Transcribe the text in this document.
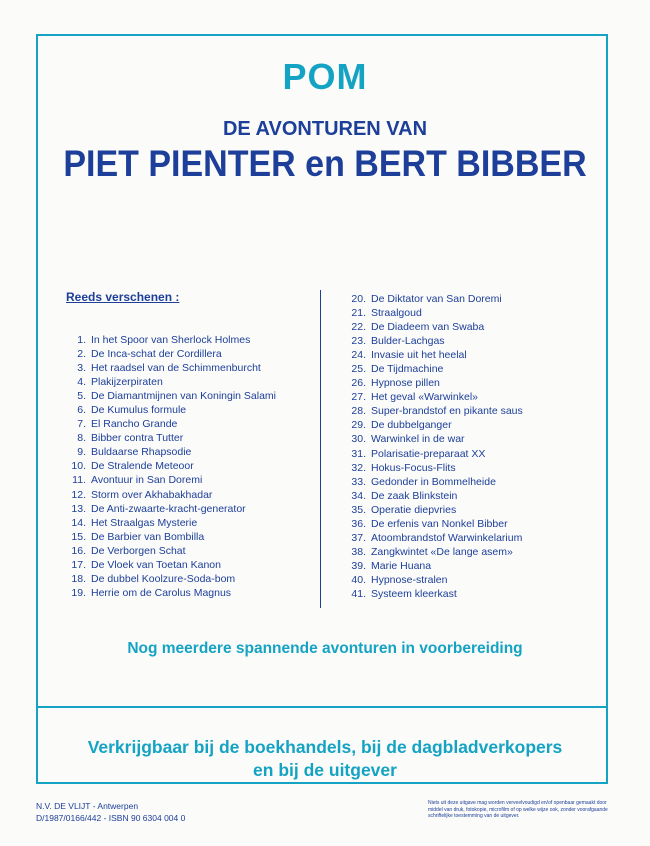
POM
DE AVONTUREN VAN
PIET PIENTER en BERT BIBBER
Reeds verschenen :
1. In het Spoor van Sherlock Holmes
2. De Inca-schat der Cordillera
3. Het raadsel van de Schimmenburcht
4. Plakijzerpiraten
5. De Diamantmijnen van Koningin Salami
6. De Kumulus formule
7. El Rancho Grande
8. Bibber contra Tutter
9. Buldaarse Rhapsodie
10. De Stralende Meteoor
11. Avontuur in San Doremi
12. Storm over Akhabakhadar
13. De Anti-zwaarte-kracht-generator
14. Het Straalgas Mysterie
15. De Barbier van Bombilla
16. De Verborgen Schat
17. De Vloek van Toetan Kanon
18. De dubbel Koolzure-Soda-bom
19. Herrie om de Carolus Magnus
20. De Diktator van San Doremi
21. Straalgoud
22. De Diadeem van Swaba
23. Bulder-Lachgas
24. Invasie uit het heelal
25. De Tijdmachine
26. Hypnose pillen
27. Het geval «Warwinkel»
28. Super-brandstof en pikante saus
29. De dubbelganger
30. Warwinkel in de war
31. Polarisatie-preparaat XX
32. Hokus-Focus-Flits
33. Gedonder in Bommelheide
34. De zaak Blinkstein
35. Operatie diepvries
36. De erfenis van Nonkel Bibber
37. Atoombrandstof Warwinkelarium
38. Zangkwintet «De lange asem»
39. Marie Huana
40. Hypnose-stralen
41. Systeem kleerkast
Nog meerdere spannende avonturen in voorbereiding
Verkrijgbaar bij de boekhandels, bij de dagbladverkopers
en bij de uitgever
N.V. DE VLIJT - Antwerpen
D/1987/0166/442 - ISBN 90 6304 004 0
Niets uit deze uitgave mag worden verveelvoudigd en/of openbaar gemaakt door middel van druk, fotokopie, microfilm of op welke wijze ook, zonder voorafgaande schriftelijke toestemming van de uitgever.
